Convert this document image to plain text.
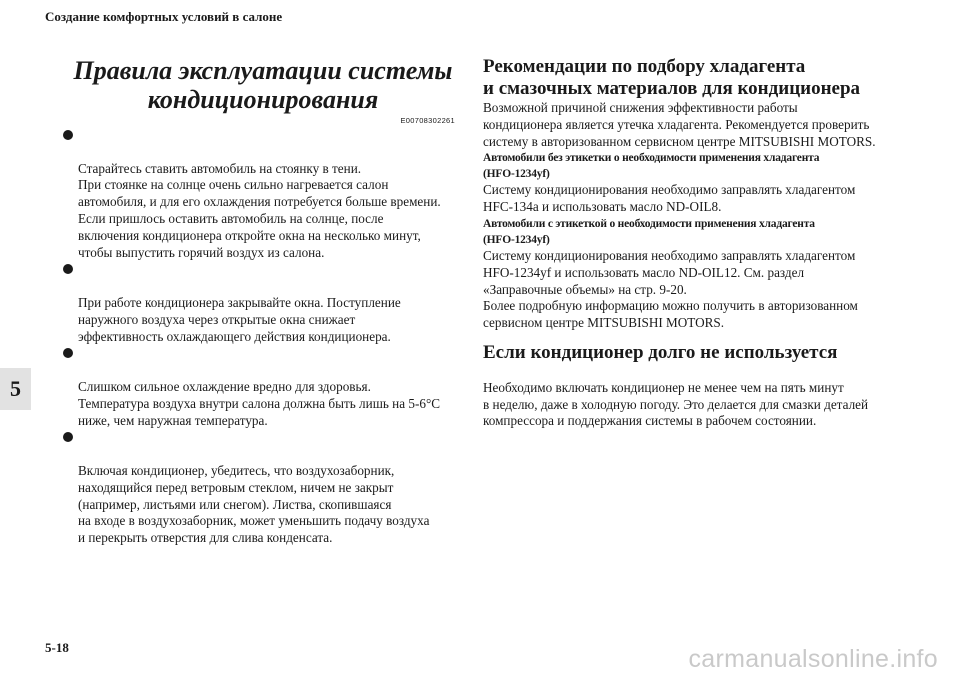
Создание комфортных условий в салоне
5
Правила эксплуатации системы
кондиционирования
E00708302261

Старайтесь ставить автомобиль на стоянку в тени.
При стоянке на солнце очень сильно нагревается салон
автомобиля, и для его охлаждения потребуется больше времени.
Если пришлось оставить автомобиль на солнце, после
включения кондиционера откройте окна на несколько минут,
чтобы выпустить горячий воздух из салона.

При работе кондиционера закрывайте окна. Поступление
наружного воздуха через открытые окна снижает
эффективность охлаждающего действия кондиционера.

Слишком сильное охлаждение вредно для здоровья.
Температура воздуха внутри салона должна быть лишь на 5-6°C
ниже, чем наружная температура.

Включая кондиционер, убедитесь, что воздухозаборник,
находящийся перед ветровым стеклом, ничем не закрыт
(например, листьями или снегом). Листва, скопившаяся
на входе в воздухозаборник, может уменьшить подачу воздуха
и перекрыть отверстия для слива конденсата.

Рекомендации по подбору хладагента
и смазочных материалов для кондиционера

Возможной причиной снижения эффективности работы
кондиционера является утечка хладагента. Рекомендуется проверить
систему в авторизованном сервисном центре MITSUBISHI MOTORS.

Автомобили без этикетки о необходимости применения хладагента
(HFO-1234yf)

Систему кондиционирования необходимо заправлять хладагентом
HFC-134a и использовать масло ND-OIL8.

Автомобили с этикеткой о необходимости применения хладагента
(HFO-1234yf)

Систему кондиционирования необходимо заправлять хладагентом
HFO-1234yf и использовать масло ND-OIL12. См. раздел
«Заправочные объемы» на стр. 9-20.
Более подробную информацию можно получить в авторизованном
сервисном центре MITSUBISHI MOTORS.

Если кондиционер долго не используется

Необходимо включать кондиционер не менее чем на пять минут
в неделю, даже в холодную погоду. Это делается для смазки деталей
компрессора и поддержания системы в рабочем состоянии.

5-18	carmanualsonline.info
